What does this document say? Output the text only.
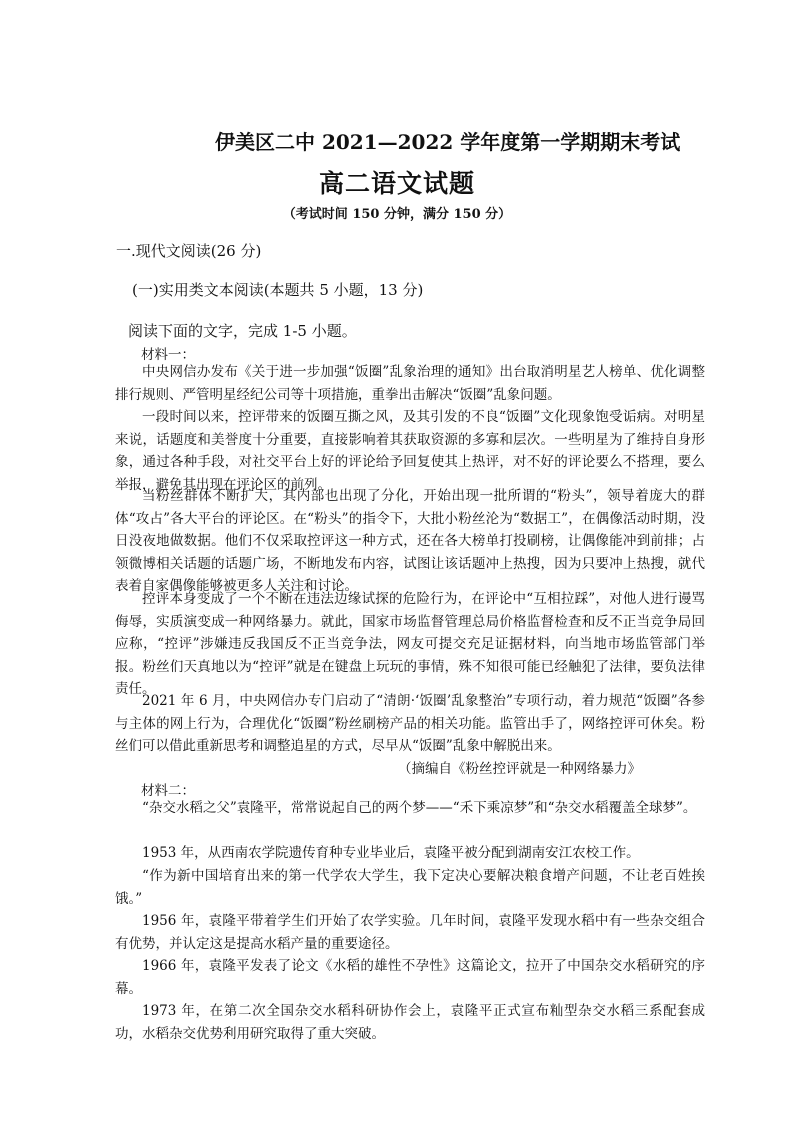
伊美区二中 2021—2022 学年度第一学期期末考试
高二语文试题
（考试时间 150 分钟，满分 150 分）
一.现代文阅读(26 分)
(一)实用类文本阅读(本题共 5 小题，13 分)
阅读下面的文字，完成 1-5 小题。
材料一：

中央网信办发布《关于进一步加强“饭圈”乱象治理的通知》出台取消明星艺人榜单、优化调整排行规则、严管明星经纪公司等十项措施，重拳出击解决“饭圈”乱象问题。

一段时间以来，控评带来的饭圈互撕之风，及其引发的不良“饭圈”文化现象饱受诟病。对明星来说，话题度和美誉度十分重要，直接影响着其获取资源的多寡和层次。一些明星为了维持自身形象，通过各种手段，对社交平台上好的评论给予回复使其上热评，对不好的评论要么不搭理，要么举报，避免其出现在评论区的前列。

当粉丝群体不断扩大，其内部也出现了分化，开始出现一批所谓的“粉头”，领导着庞大的群体“攻占”各大平台的评论区。在“粉头”的指令下，大批小粉丝沦为“数据工”，在偶像活动时期，没日没夜地做数据。他们不仅采取控评这一种方式，还在各大榜单打投刷榜，让偶像能冲到前排；占领微博相关话题的话题广场，不断地发布内容，试图让该话题冲上热搜，因为只要冲上热搜，就代表着自家偶像能够被更多人关注和讨论。

控评本身变成了一个不断在违法边缘试探的危险行为，在评论中“互相拉踩”，对他人进行谩骂侮辱，实质演变成一种网络暴力。就此，国家市场监督管理总局价格监督检查和反不正当竞争局回应称，“控评”涉嫌违反我国反不正当竞争法，网友可提交充足证据材料，向当地市场监管部门举报。粉丝们天真地以为“控评”就是在键盘上玩玩的事情，殊不知很可能已经触犯了法律，要负法律责任。

2021 年 6 月，中央网信办专门启动了“清朗·‘饭圈’乱象整治”专项行动，着力规范“饭圈”各参与主体的网上行为，合理优化“饭圈”粉丝刷榜产品的相关功能。监管出手了，网络控评可休矣。粉丝们可以借此重新思考和调整追星的方式，尽早从“饭圈”乱象中解脱出来。

（摘编自《粉丝控评就是一种网络暴力》
材料二：

“杂交水稻之父”袁隆平，常常说起自己的两个梦——“禾下乘凉梦”和“杂交水稻覆盖全球梦”。

1953 年，从西南农学院遗传育种专业毕业后，袁隆平被分配到湖南安江农校工作。

“作为新中国培育出来的第一代学农大学生，我下定决心要解决粮食增产问题，不让老百姓挨饿。”

1956 年，袁隆平带着学生们开始了农学实验。几年时间，袁隆平发现水稻中有一些杂交组合有优势，并认定这是提高水稻产量的重要途径。

1966 年，袁隆平发表了论文《水稻的雄性不孕性》这篇论文，拉开了中国杂交水稻研究的序幕。

1973 年，在第二次全国杂交水稻科研协作会上，袁隆平正式宣布籼型杂交水稻三系配套成功，水稻杂交优势利用研究取得了重大突破。
